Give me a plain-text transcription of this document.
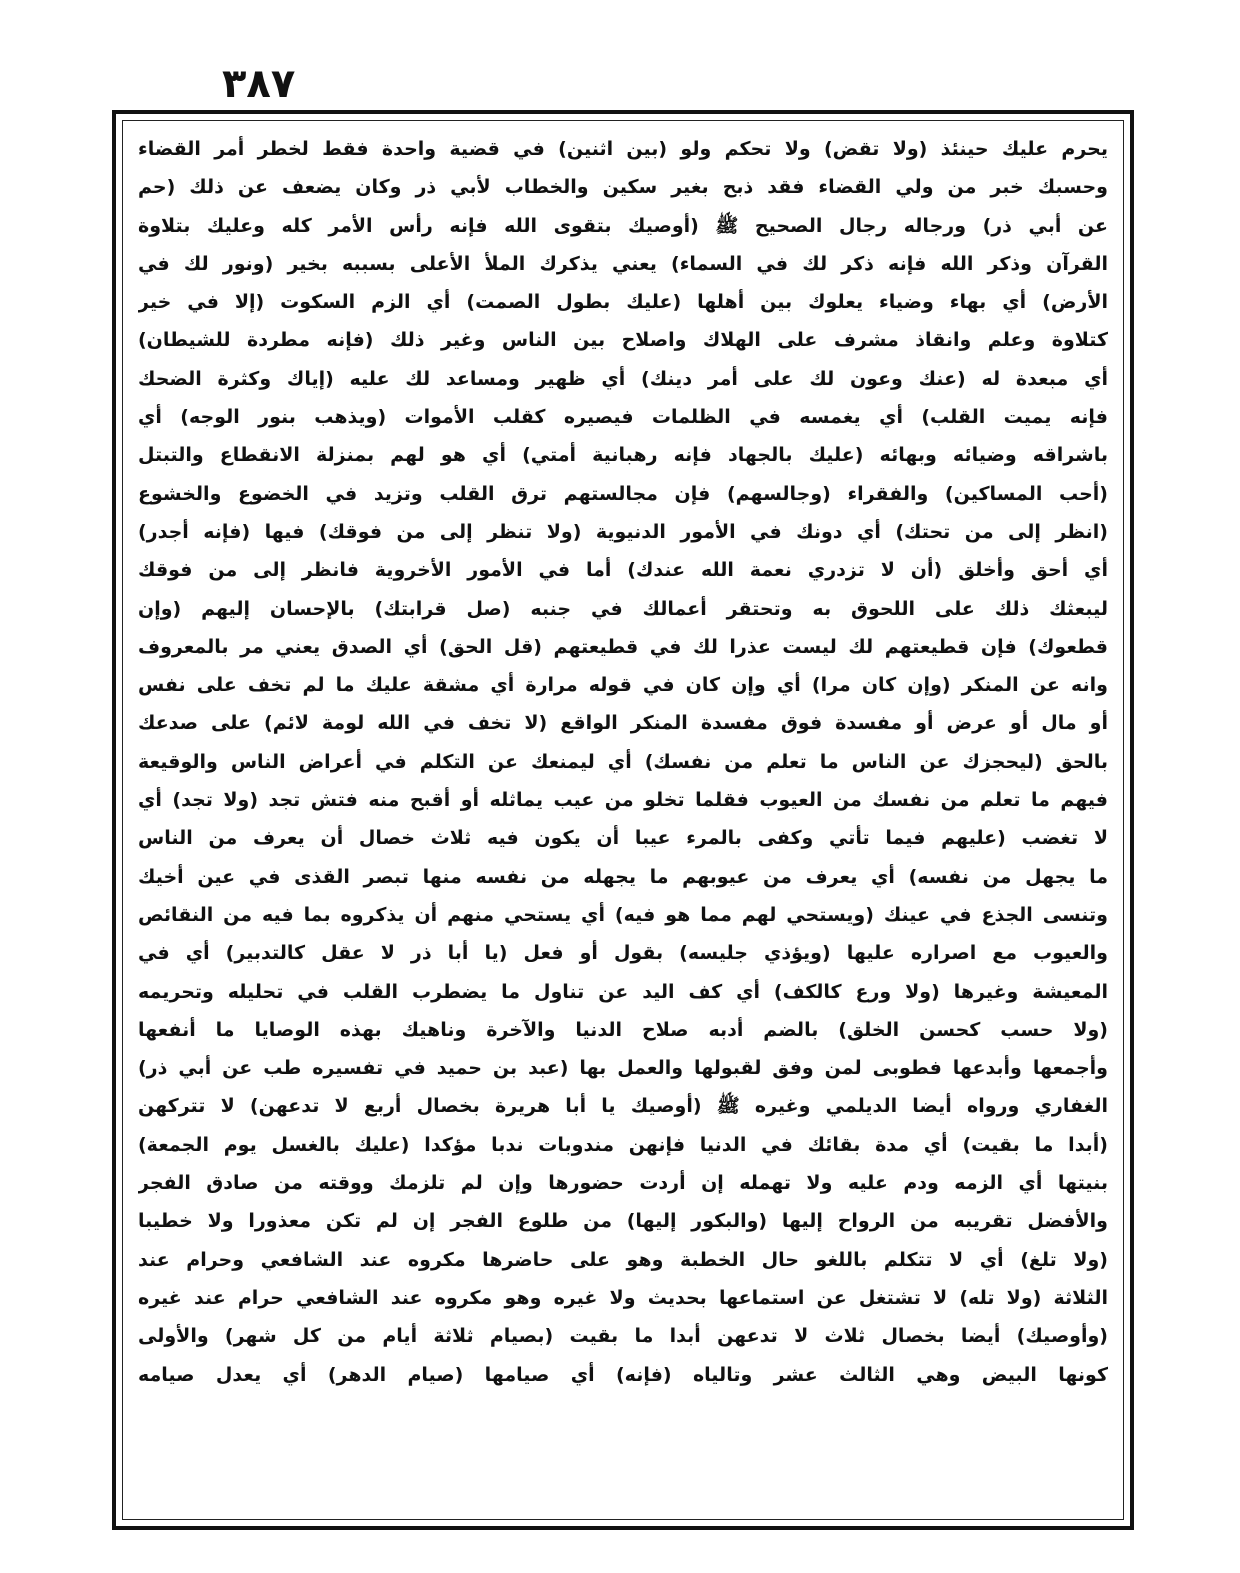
٣٨٧
يحرم عليك حينئذ (ولا تقض) ولا تحكم ولو (بين اثنين) في قضية واحدة فقط لخطر أمر القضاء
وحسبك خبر من ولي القضاء فقد ذبح بغير سكين والخطاب لأبي ذر وكان يضعف عن ذلك (حم
عن أبي ذر) ورجاله رجال الصحيح ﷺ (أوصيك بتقوى الله فإنه رأس الأمر كله وعليك بتلاوة
القرآن وذكر الله فإنه ذكر لك في السماء) يعني يذكرك الملأ الأعلى بسببه بخير (ونور لك في
الأرض) أي بهاء وضياء يعلوك بين أهلها (عليك بطول الصمت) أي الزم السكوت (إلا في خير
كتلاوة وعلم وانقاذ مشرف على الهلاك واصلاح بين الناس وغير ذلك (فإنه مطردة للشيطان)
أي مبعدة له (عنك وعون لك على أمر دينك) أي ظهير ومساعد لك عليه (إياك وكثرة الضحك
فإنه يميت القلب) أي يغمسه في الظلمات فيصيره كقلب الأموات (ويذهب بنور الوجه) أي
باشراقه وضيائه وبهائه (عليك بالجهاد فإنه رهبانية أمتي) أي هو لهم بمنزلة الانقطاع والتبتل
(أحب المساكين) والفقراء (وجالسهم) فإن مجالستهم ترق القلب وتزيد في الخضوع والخشوع
(انظر إلى من تحتك) أي دونك في الأمور الدنيوية (ولا تنظر إلى من فوقك) فيها (فإنه أجدر)
أي أحق وأخلق (أن لا تزدري نعمة الله عندك) أما في الأمور الأخروية فانظر إلى من فوقك
ليبعثك ذلك على اللحوق به وتحتقر أعمالك في جنبه (صل قرابتك) بالإحسان إليهم (وإن
قطعوك) فإن قطيعتهم لك ليست عذرا لك في قطيعتهم (قل الحق) أي الصدق يعني مر بالمعروف
وانه عن المنكر (وإن كان مرا) أي وإن كان في قوله مرارة أي مشقة عليك ما لم تخف على نفس
أو مال أو عرض أو مفسدة فوق مفسدة المنكر الواقع (لا تخف في الله لومة لائم) على صدعك
بالحق (ليحجزك عن الناس ما تعلم من نفسك) أي ليمنعك عن التكلم في أعراض الناس والوقيعة
فيهم ما تعلم من نفسك من العيوب فقلما تخلو من عيب يماثله أو أقبح منه فتش تجد (ولا تجد) أي
لا تغضب (عليهم فيما تأتي وكفى بالمرء عيبا أن يكون فيه ثلاث خصال أن يعرف من الناس
ما يجهل من نفسه) أي يعرف من عيوبهم ما يجهله من نفسه منها تبصر القذى في عين أخيك
وتنسى الجذع في عينك (ويستحي لهم مما هو فيه) أي يستحي منهم أن يذكروه بما فيه من النقائص
والعيوب مع اصراره عليها (ويؤذي جليسه) بقول أو فعل (يا أبا ذر لا عقل كالتدبير) أي في
المعيشة وغيرها (ولا ورع كالكف) أي كف اليد عن تناول ما يضطرب القلب في تحليله وتحريمه
(ولا حسب كحسن الخلق) بالضم أدبه صلاح الدنيا والآخرة وناهيك بهذه الوصايا ما أنفعها
وأجمعها وأبدعها فطوبى لمن وفق لقبولها والعمل بها (عبد بن حميد في تفسيره طب عن أبي ذر)
الغفاري ورواه أيضا الديلمي وغيره ﷺ (أوصيك يا أبا هريرة بخصال أربع لا تدعهن) لا تتركهن
(أبدا ما بقيت) أي مدة بقائك في الدنيا فإنهن مندوبات ندبا مؤكدا (عليك بالغسل يوم الجمعة)
بنيتها أي الزمه ودم عليه ولا تهمله إن أردت حضورها وإن لم تلزمك ووقته من صادق الفجر
والأفضل تقريبه من الرواح إليها (والبكور إليها) من طلوع الفجر إن لم تكن معذورا ولا خطيبا
(ولا تلغ) أي لا تتكلم باللغو حال الخطبة وهو على حاضرها مكروه عند الشافعي وحرام عند
الثلاثة (ولا تله) لا تشتغل عن استماعها بحديث ولا غيره وهو مكروه عند الشافعي حرام عند غيره
(وأوصيك) أيضا بخصال ثلاث لا تدعهن أبدا ما بقيت (بصيام ثلاثة أيام من كل شهر) والأولى
كونها البيض وهي الثالث عشر وتالياه (فإنه) أي صيامها (صيام الدهر) أي يعدل صيامه
